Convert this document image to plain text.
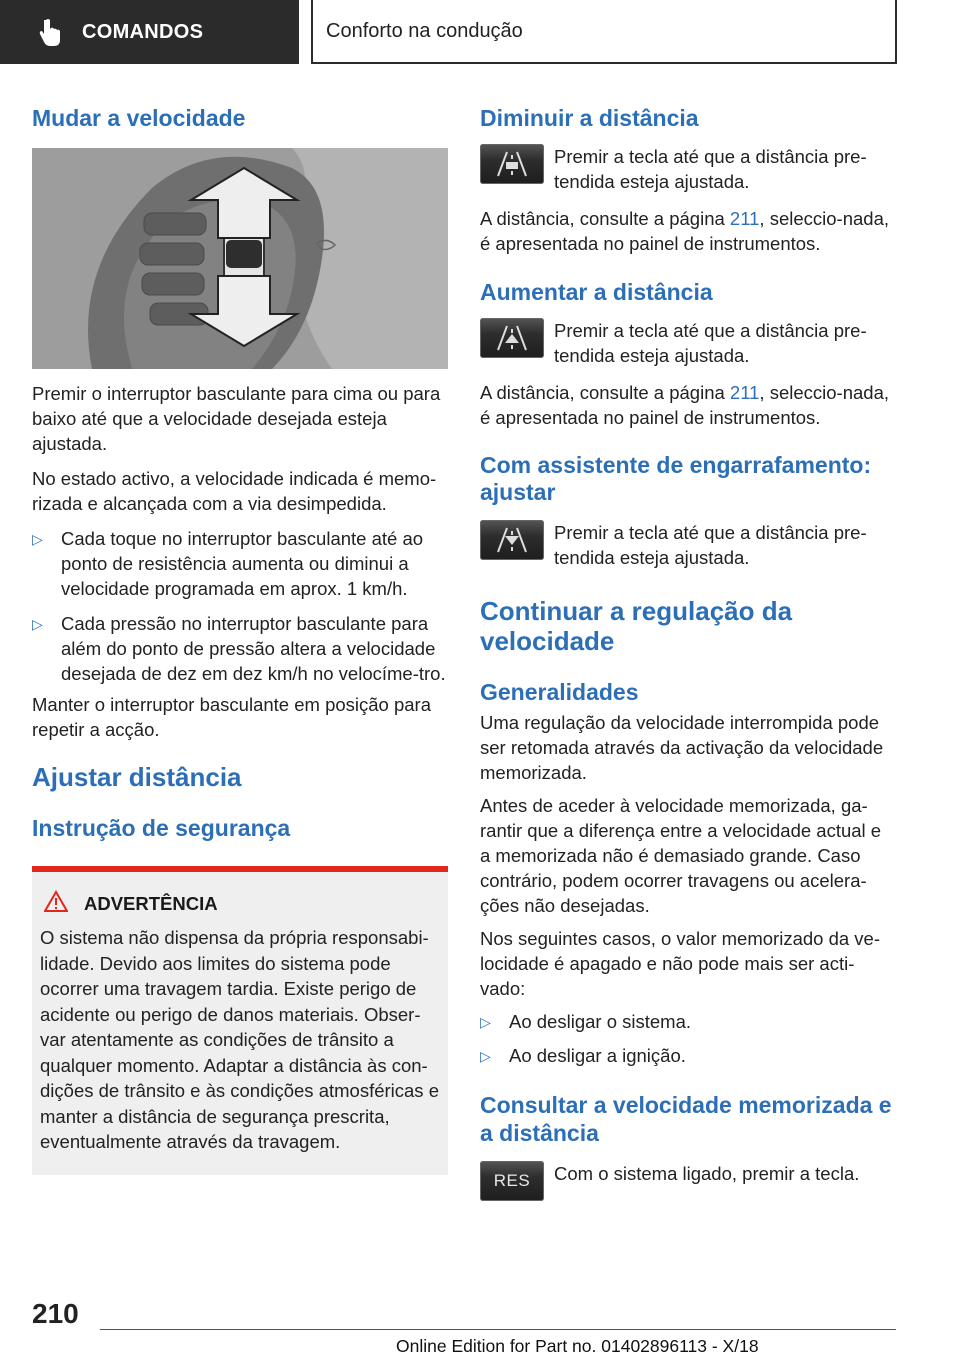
COMANDOS	Conforto na condução
Mudar a velocidade
Premir o interruptor basculante para cima ou para baixo até que a velocidade desejada esteja ajustada.
No estado activo, a velocidade indicada é memo‐rizada e alcançada com a via desimpedida.
▷ Cada toque no interruptor basculante até ao ponto de resistência aumenta ou diminui a velocidade programada em aprox. 1 km/h.
▷ Cada pressão no interruptor basculante para além do ponto de pressão altera a velocidade desejada de dez em dez km/h no velocíme‐tro.
Manter o interruptor basculante em posição para repetir a acção.
Ajustar distância
Instrução de segurança
ADVERTÊNCIA
O sistema não dispensa da própria responsabi‐lidade. Devido aos limites do sistema pode ocorrer uma travagem tardia. Existe perigo de acidente ou perigo de danos materiais. Obser‐var atentamente as condições de trânsito a qualquer momento. Adaptar a distância às con‐dições de trânsito e às condições atmosféricas e manter a distância de segurança prescrita, eventualmente através da travagem.
Diminuir a distância
Premir a tecla até que a distância pre‐tendida esteja ajustada.
A distância, consulte a página 211, seleccio‐nada, é apresentada no painel de instrumentos.
Aumentar a distância
Premir a tecla até que a distância pre‐tendida esteja ajustada.
A distância, consulte a página 211, seleccio‐nada, é apresentada no painel de instrumentos.
Com assistente de engarrafamento: ajustar
Premir a tecla até que a distância pre‐tendida esteja ajustada.
Continuar a regulação da velocidade
Generalidades
Uma regulação da velocidade interrompida pode ser retomada através da activação da velocidade memorizada.
Antes de aceder à velocidade memorizada, ga‐rantir que a diferença entre a velocidade actual e a memorizada não é demasiado grande. Caso contrário, podem ocorrer travagens ou acelera‐ções não desejadas.
Nos seguintes casos, o valor memorizado da ve‐locidade é apagado e não pode mais ser acti‐vado:
▷ Ao desligar o sistema.
▷ Ao desligar a ignição.
Consultar a velocidade memorizada e a distância
RES Com o sistema ligado, premir a tecla.
210
Online Edition for Part no. 01402896113 - X/18
